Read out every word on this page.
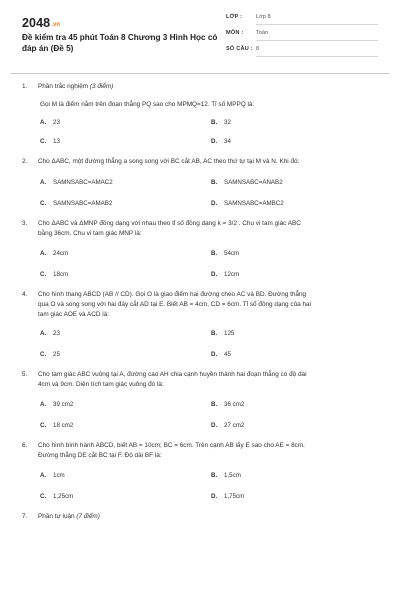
2048.vn
Đề kiểm tra 45 phút Toán 8 Chương 3 Hình Học có đáp án (Đề 5)
LỚP : Lớp 8
MÔN : Toán
SỐ CÂU : 8
1. Phần trắc nghiệm (3 điểm)
Gọi M là điểm nằm trên đoạn thẳng PQ sao cho MPMQ=12. Tỉ số MPPQ là:
A. 23	B. 32
C. 13	D. 34
2. Cho ΔABC, một đường thẳng a song song với BC cắt AB, AC theo thứ tự tại M và N. Khi đó:
A. SAMNSABC=AMAC2	B. SAMNSABC=ANAB2
C. SAMNSABC=AMAB2	D. SAMNSABC=AMBC2
3. Cho ΔABC và ΔMNP đồng dạng với nhau theo tỉ số đồng dạng k = 3/2 . Chu vi tam giác ABC
bằng 36cm. Chu vi tam giác MNP là:
A. 24cm	B. 54cm
C. 18cm	D. 12cm
4. Cho hình thang ABCD (AB // CD). Gọi O là giao điểm hai đường chéo AC và BD. Đường thẳng
qua O và song song với hai đáy cắt AD tại E. Biết AB = 4cm, CD = 6cm. Tỉ số đồng dạng của hai
tam giác AOE và ACD là:
A. 23	B. 125
C. 25	D. 45
5. Cho tam giác ABC vuông tại A, đường cao AH chia cạnh huyền thành hai đoạn thẳng có độ dài
4cm và 9cm. Diện tích tam giác vuông đó là:
A. 39 cm2	B. 36 cm2
C. 18 cm2	D. 27 cm2
6. Cho hình bình hành ABCD, biết AB = 10cm; BC = 6cm. Trên cạnh AB lấy E sao cho AE = 8cm.
Đường thẳng DE cắt BC tại F. Độ dài BF là:
A. 1cm	B. 1,5cm
C. 1,25cm	D. 1,75cm
7. Phần tự luận (7 điểm)
